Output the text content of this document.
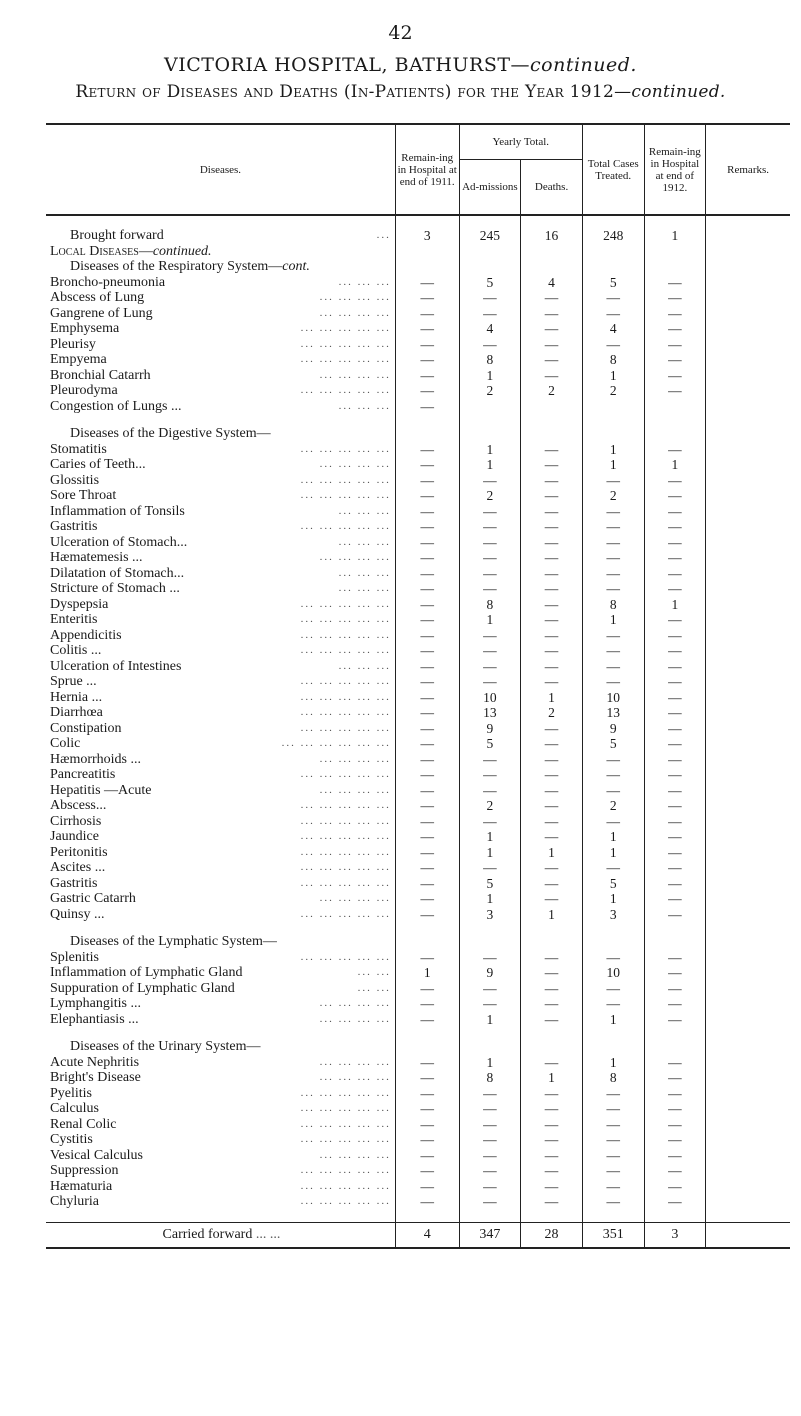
42
VICTORIA HOSPITAL, BATHURST—continued.
Return of Diseases and Deaths (In-Patients) for the Year 1912—continued.
Diseases.	Remain-ing in Hospital at end of 1911.	Yearly Total.		Total Cases Treated.	Remain-ing in Hospital at end of 1912.	Remarks.
		Ad-missions	Deaths.			

Brought forward ...	3	245	16	248	1	
Local Diseases—continued.						
Diseases of the Respiratory System—cont.						
Broncho-pneumonia ... ... ...	—	5	4	5	—	
Abscess of Lung ... ... ... ...	—	—	—	—	—	
Gangrene of Lung ... ... ... ...	—	—	—	—	—	
Emphysema ... ... ... ... ...	—	4	—	4	—	
Pleurisy ... ... ... ... ...	—	—	—	—	—	
Empyema ... ... ... ... ...	—	8	—	8	—	
Bronchial Catarrh ... ... ... ...	—	1	—	1	—	
Pleurodyma ... ... ... ... ...	—	2	2	2	—	
Congestion of Lungs ... ... ... ...	—					

Diseases of the Digestive System—						
Stomatitis ... ... ... ... ...	—	1	—	1	—	
Caries of Teeth... ... ... ... ...	—	1	—	1	1	
Glossitis ... ... ... ... ...	—	—	—	—	—	
Sore Throat ... ... ... ... ...	—	2	—	2	—	
Inflammation of Tonsils ... ... ...	—	—	—	—	—	
Gastritis ... ... ... ... ...	—	—	—	—	—	
Ulceration of Stomach... ... ... ...	—	—	—	—	—	
Hæmatemesis ... ... ... ... ...	—	—	—	—	—	
Dilatation of Stomach... ... ... ...	—	—	—	—	—	
Stricture of Stomach ... ... ... ...	—	—	—	—	—	
Dyspepsia ... ... ... ... ...	—	8	—	8	1	
Enteritis ... ... ... ... ...	—	1	—	1	—	
Appendicitis ... ... ... ... ...	—	—	—	—	—	
Colitis ... ... ... ... ... ...	—	—	—	—	—	
Ulceration of Intestines ... ... ...	—	—	—	—	—	
Sprue ... ... ... ... ... ...	—	—	—	—	—	
Hernia ... ... ... ... ... ...	—	10	1	10	—	
Diarrhœa ... ... ... ... ...	—	13	2	13	—	
Constipation ... ... ... ... ...	—	9	—	9	—	
Colic ... ... ... ... ... ...	—	5	—	5	—	
Hæmorrhoids ... ... ... ... ...	—	—	—	—	—	
Pancreatitis ... ... ... ... ...	—	—	—	—	—	
Hepatitis —Acute ... ... ... ...	—	—	—	—	—	
Abscess... ... ... ... ... ...	—	2	—	2	—	
Cirrhosis ... ... ... ... ...	—	—	—	—	—	
Jaundice ... ... ... ... ...	—	1	—	1	—	
Peritonitis ... ... ... ... ...	—	1	1	1	—	
Ascites ... ... ... ... ... ...	—	—	—	—	—	
Gastritis ... ... ... ... ...	—	5	—	5	—	
Gastric Catarrh ... ... ... ...	—	1	—	1	—	
Quinsy ... ... ... ... ... ...	—	3	1	3	—	

Diseases of the Lymphatic System—						
Splenitis ... ... ... ... ...	—	—	—	—	—	
Inflammation of Lymphatic Gland ... ...	1	9	—	10	—	
Suppuration of Lymphatic Gland ... ...	—	—	—	—	—	
Lymphangitis ... ... ... ... ...	—	—	—	—	—	
Elephantiasis ... ... ... ... ...	—	1	—	1	—	

Diseases of the Urinary System—						
Acute Nephritis ... ... ... ...	—	1	—	1	—	
Bright's Disease ... ... ... ...	—	8	1	8	—	
Pyelitis ... ... ... ... ...	—	—	—	—	—	
Calculus ... ... ... ... ...	—	—	—	—	—	
Renal Colic ... ... ... ... ...	—	—	—	—	—	
Cystitis ... ... ... ... ...	—	—	—	—	—	
Vesical Calculus ... ... ... ...	—	—	—	—	—	
Suppression ... ... ... ... ...	—	—	—	—	—	
Hæmaturia ... ... ... ... ...	—	—	—	—	—	
Chyluria ... ... ... ... ...	—	—	—	—	—	

Carried forward ... ...	4	347	28	351	3	
